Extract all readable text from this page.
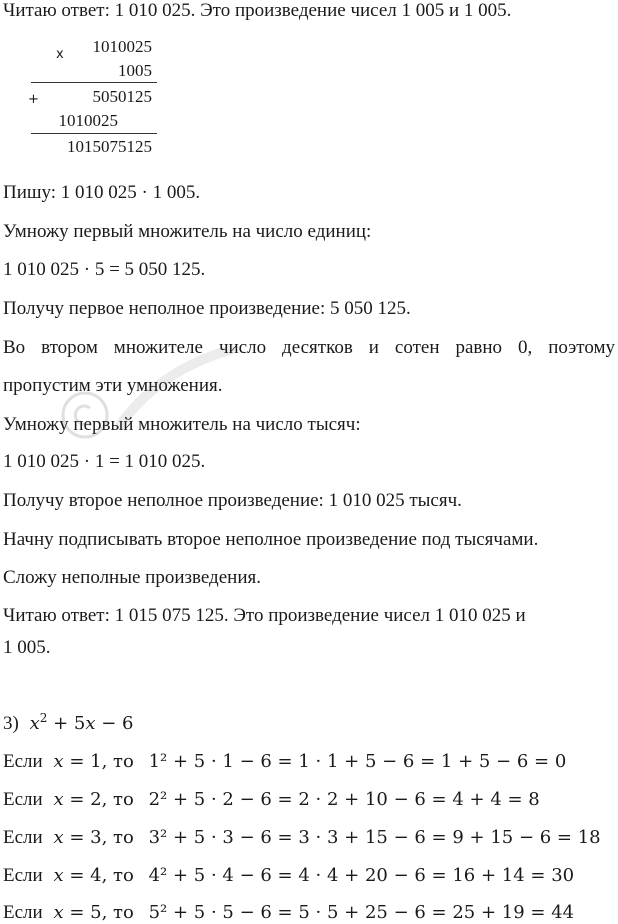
Читаю ответ: 1 010 025. Это произведение чисел 1 005 и 1 005.
x	1010025
1005
+	5050125
1010025
1015075125
Пишу: 1 010 025 · 1 005.
Умножу первый множитель на число единиц:
1 010 025 · 5 = 5 050 125.
Получу первое неполное произведение: 5 050 125.
Во втором множителе число десятков и сотен равно 0, поэтому
пропустим эти умножения.
Умножу первый множитель на число тысяч:
1 010 025 · 1 = 1 010 025.
Получу второе неполное произведение: 1 010 025 тысяч.
Начну подписывать второе неполное произведение под тысячами.
Сложу неполные произведения.
Читаю ответ: 1 015 075 125. Это произведение чисел 1 010 025 и
1 005.
3) $x^2 + 5x - 6$
Если x = 1, то 1² + 5 · 1 − 6 = 1 · 1 + 5 − 6 = 1 + 5 − 6 = 0
Если x = 2, то 2² + 5 · 2 − 6 = 2 · 2 + 10 − 6 = 4 + 4 = 8
Если x = 3, то 3² + 5 · 3 − 6 = 3 · 3 + 15 − 6 = 9 + 15 − 6 = 18
Если x = 4, то 4² + 5 · 4 − 6 = 4 · 4 + 20 − 6 = 16 + 14 = 30
Если x = 5, то 5² + 5 · 5 − 6 = 5 · 5 + 25 − 6 = 25 + 19 = 44
